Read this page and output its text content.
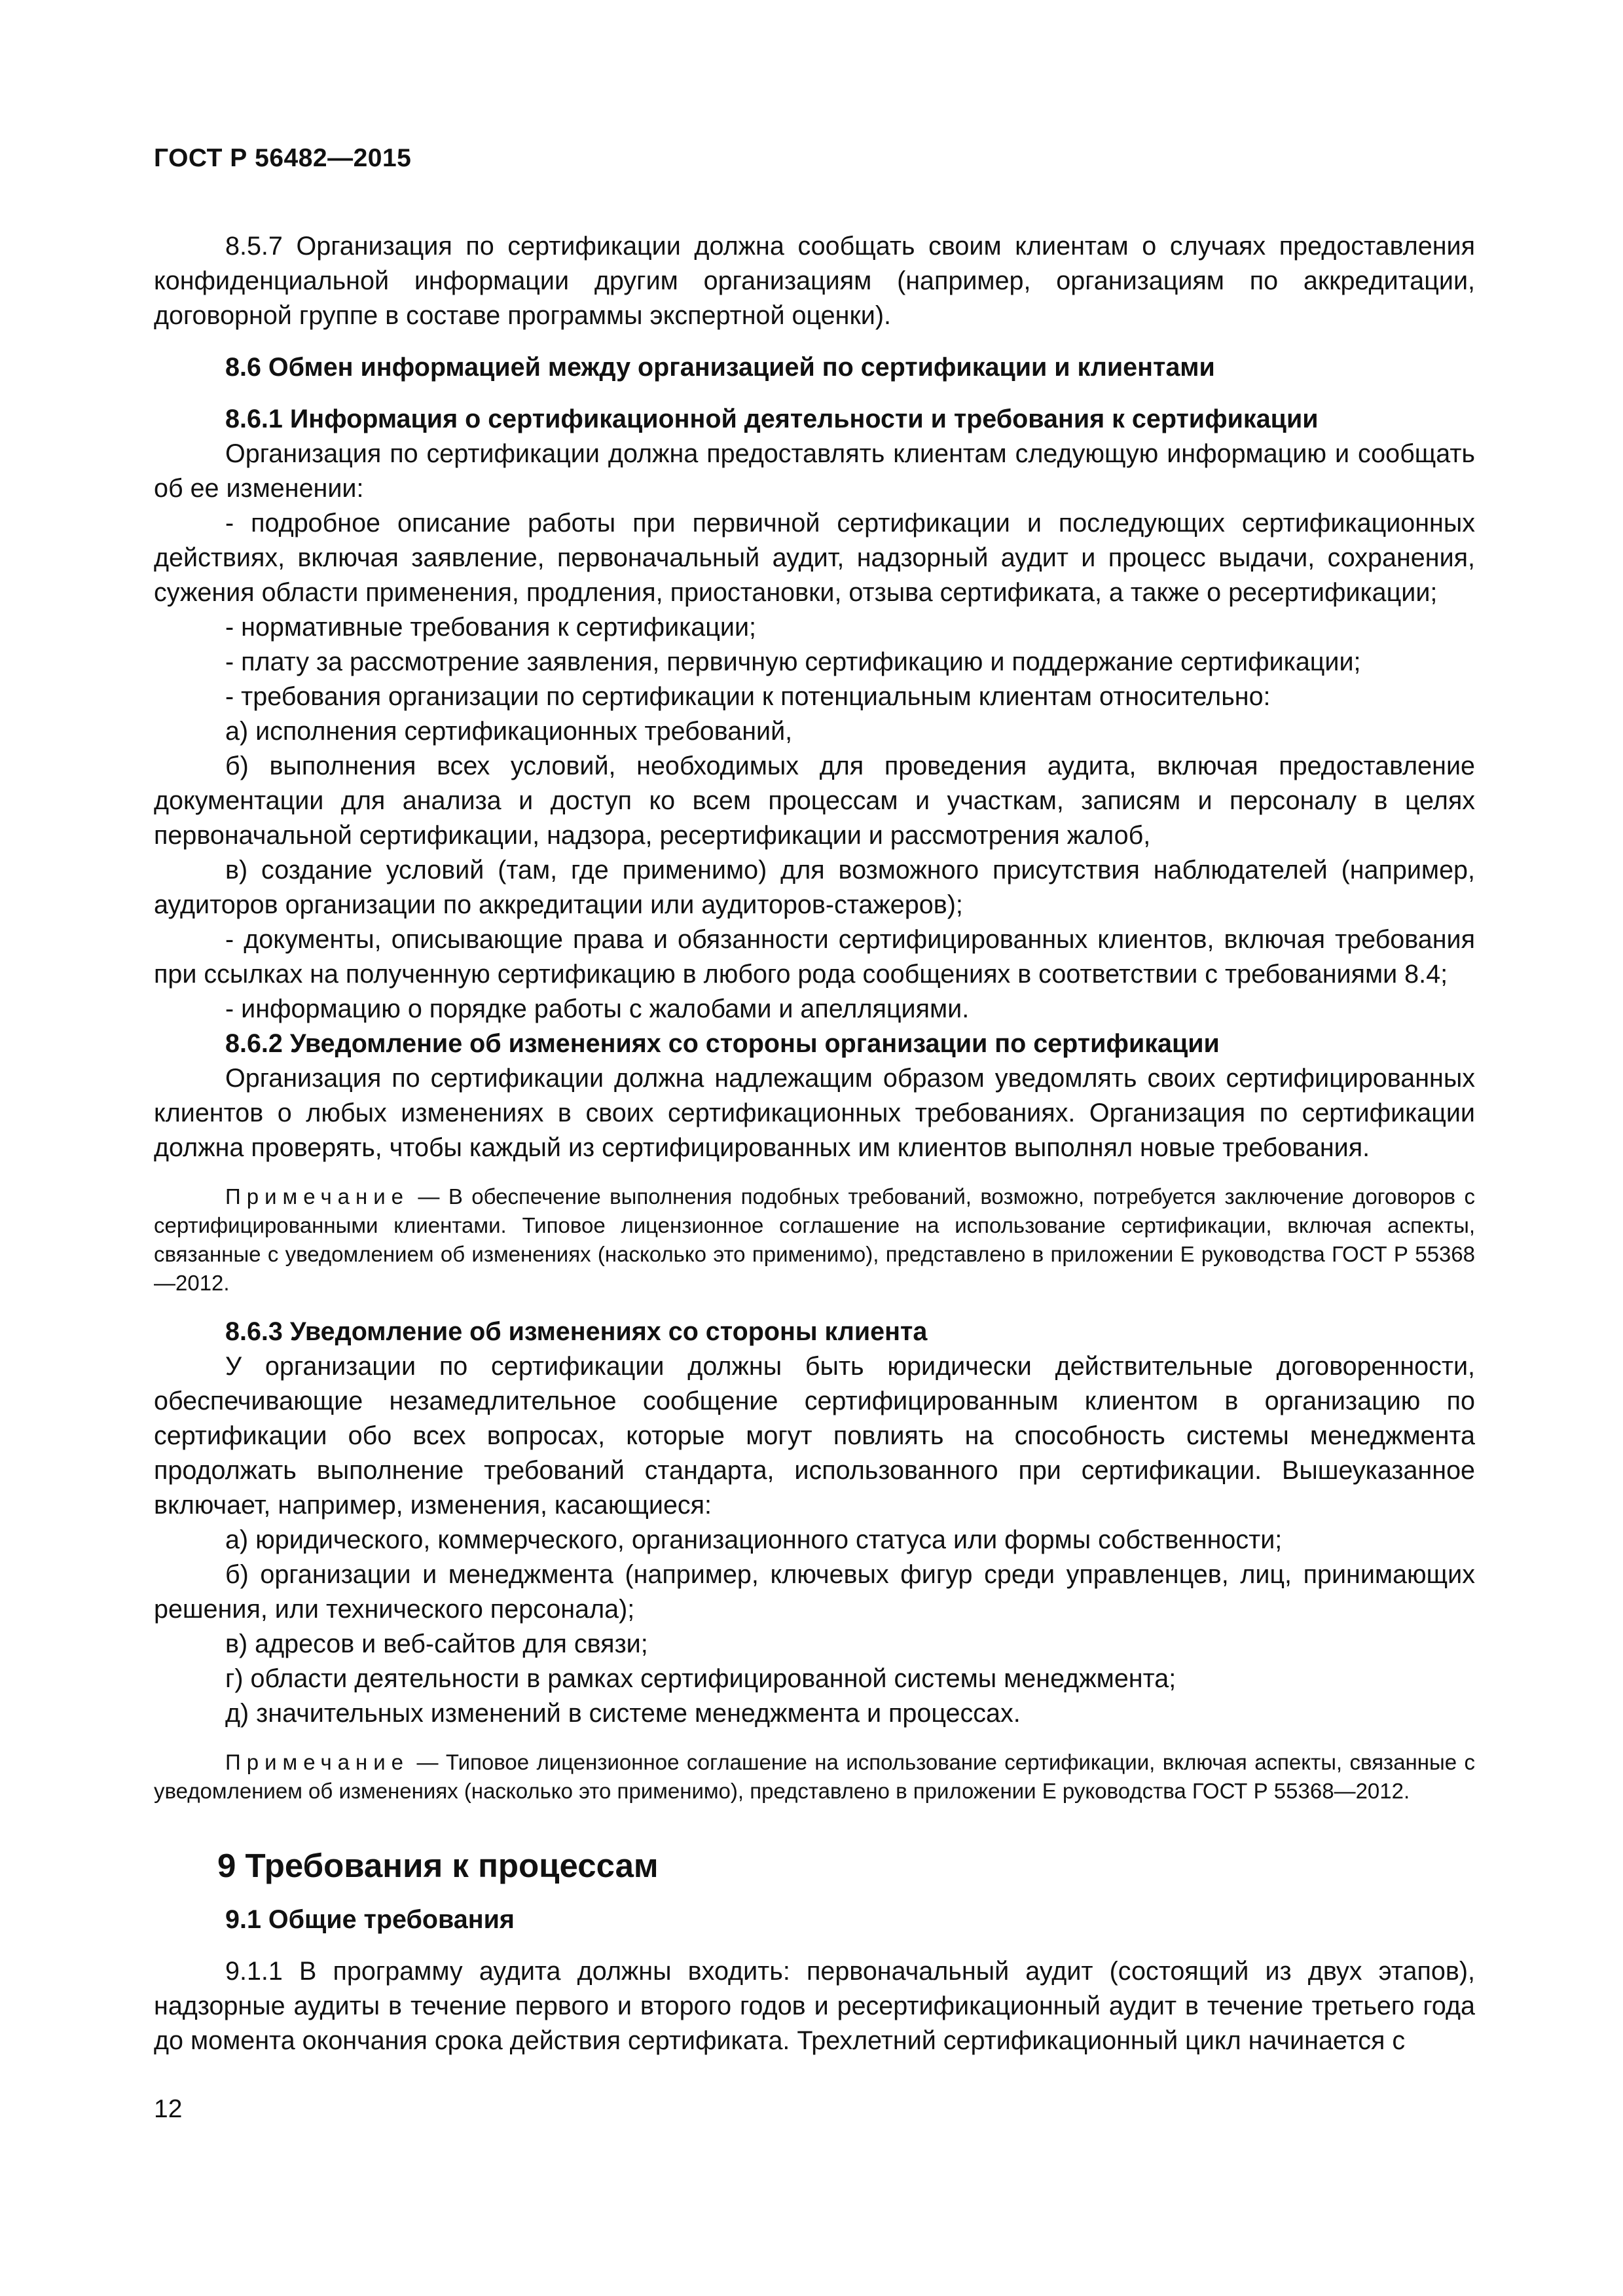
ГОСТ Р 56482—2015

8.5.7 Организация по сертификации должна сообщать своим клиентам о случаях предоставления конфиденциальной информации другим организациям (например, организациям по аккредитации, договорной группе в составе программы экспертной оценки).

8.6 Обмен информацией между организацией по сертификации и клиентами

8.6.1 Информация о сертификационной деятельности и требования к сертификации

Организация по сертификации должна предоставлять клиентам следующую информацию и сообщать об ее изменении:

- подробное описание работы при первичной сертификации и последующих сертификационных действиях, включая заявление, первоначальный аудит, надзорный аудит и процесс выдачи, сохранения, сужения области применения, продления, приостановки, отзыва сертификата, а также о ресертификации;

- нормативные требования к сертификации;

- плату за рассмотрение заявления, первичную сертификацию и поддержание сертификации;

- требования организации по сертификации к потенциальным клиентам относительно:

а) исполнения сертификационных требований,

б) выполнения всех условий, необходимых для проведения аудита, включая предоставление документации для анализа и доступ ко всем процессам и участкам, записям и персоналу в целях первоначальной сертификации, надзора, ресертификации и рассмотрения жалоб,

в) создание условий (там, где применимо) для возможного присутствия наблюдателей (например, аудиторов организации по аккредитации или аудиторов-стажеров);

- документы, описывающие права и обязанности сертифицированных клиентов, включая требования при ссылках на полученную сертификацию в любого рода сообщениях в соответствии с требованиями 8.4;

- информацию о порядке работы с жалобами и апелляциями.

8.6.2 Уведомление об изменениях со стороны организации по сертификации

Организация по сертификации должна надлежащим образом уведомлять своих сертифицированных клиентов о любых изменениях в своих сертификационных требованиях. Организация по сертификации должна проверять, чтобы каждый из сертифицированных им клиентов выполнял новые требования.

Примечание — В обеспечение выполнения подобных требований, возможно, потребуется заключение договоров с сертифицированными клиентами. Типовое лицензионное соглашение на использование сертификации, включая аспекты, связанные с уведомлением об изменениях (насколько это применимо), представлено в приложении Е руководства ГОСТ Р 55368—2012.

8.6.3 Уведомление об изменениях со стороны клиента

У организации по сертификации должны быть юридически действительные договоренности, обеспечивающие незамедлительное сообщение сертифицированным клиентом в организацию по сертификации обо всех вопросах, которые могут повлиять на способность системы менеджмента продолжать выполнение требований стандарта, использованного при сертификации. Вышеуказанное включает, например, изменения, касающиеся:

а) юридического, коммерческого, организационного статуса или формы собственности;

б) организации и менеджмента (например, ключевых фигур среди управленцев, лиц, принимающих решения, или технического персонала);

в) адресов и веб-сайтов для связи;

г) области деятельности в рамках сертифицированной системы менеджмента;

д) значительных изменений в системе менеджмента и процессах.

Примечание — Типовое лицензионное соглашение на использование сертификации, включая аспекты, связанные с уведомлением об изменениях (насколько это применимо), представлено в приложении Е руководства ГОСТ Р 55368—2012.

9 Требования к процессам

9.1 Общие требования

9.1.1 В программу аудита должны входить: первоначальный аудит (состоящий из двух этапов), надзорные аудиты в течение первого и второго годов и ресертификационный аудит в течение третьего года до момента окончания срока действия сертификата. Трехлетний сертификационный цикл начинается с

12
